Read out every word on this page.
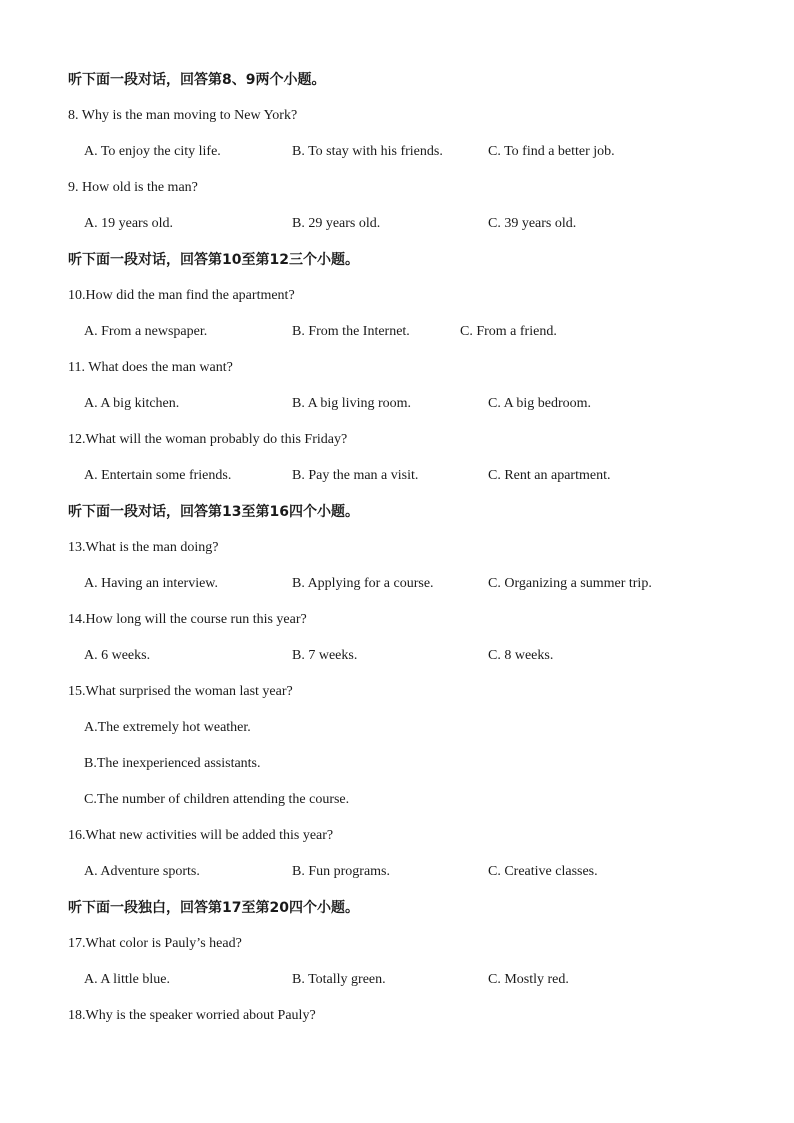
听下面一段对话，回答第8、9两个小题。
8. Why is the man moving to New York?
A. To enjoy the city life.	B. To stay with his friends.	C. To find a better job.
9. How old is the man?
A. 19 years old.	B. 29 years old.	C. 39 years old.
听下面一段对话，回答第10至第12三个小题。
10.How did the man find the apartment?
A. From a newspaper.	B. From the Internet.	C. From a friend.
11. What does the man want?
A. A big kitchen.	B. A big living room.	C. A big bedroom.
12.What will the woman probably do this Friday?
A. Entertain some friends.	B. Pay the man a visit.	C. Rent an apartment.
听下面一段对话，回答第13至第16四个小题。
13.What is the man doing?
A. Having an interview.	B. Applying for a course.	C. Organizing a summer trip.
14.How long will the course run this year?
A. 6 weeks.	B. 7 weeks.	C. 8 weeks.
15.What surprised the woman last year?
A.The extremely hot weather.
B.The inexperienced assistants.
C.The number of children attending the course.
16.What new activities will be added this year?
A. Adventure sports.	B. Fun programs.	C. Creative classes.
听下面一段独白，回答第17至第20四个小题。
17.What color is Pauly’s head?
A. A little blue.	B. Totally green.	C. Mostly red.
18.Why is the speaker worried about Pauly?
